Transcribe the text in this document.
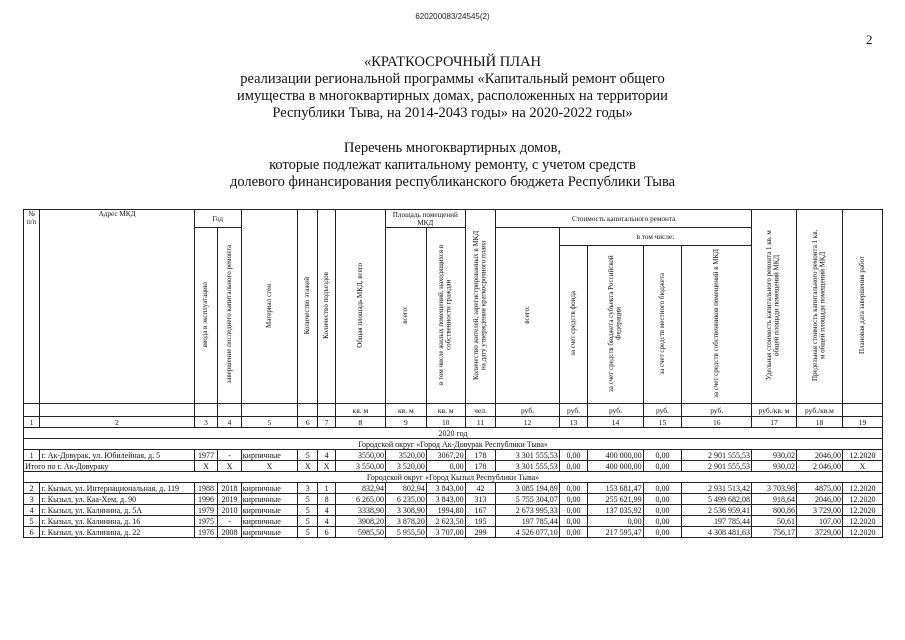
620200083/24545(2)
2
«КРАТКОСРОЧНЫЙ ПЛАН
реализации региональной программы «Капитальный ремонт общего
имущества в многоквартирных домах, расположенных на территории
Республики Тыва, на 2014-2043 годы» на 2020-2022 годы»
Перечень многоквартирных домов,
которые подлежат капитальному ремонту, с учетом средств
долевого финансирования республиканского бюджета Республики Тыва
№ п/п	Адрес МКД	Год		Материал стен	Количество этажей	Количество подъездов	Общая площадь МКД, всего	Площадь помещений МКД		Количество жителей, зарегистрированных в МКД на дату утверждения краткосрочного плана	Стоимость капитального ремонта					Удельная стоимость капитального ремонта 1 кв. м общей площади помещений МКД	Предельная стоимость капитального ремонта 1 кв. м общей площади помещений МКД	Плановая дата завершения работ
		ввода в эксплуатацию	завершение последнего капитального ремонта					всего:	в том числе жилых помещений, находящихся в собственности граждан		всего:	в том числе:						
												за счет средств фонда	за счет средств бюджета субъекта Российской Федерации	за счет средств местного бюджета	за счет средств собственников помещений в МКД			
							кв. м	кв. м	кв. м	чел.	руб.	руб.	руб.	руб.	руб.	руб./кв. м	руб./кв.м	
1	2	3	4	5	6	7	8	9	10	11	12	13	14	15	16	17	18	19
2020 год																		
Городской округ «Город Ак-Довурак Республики Тыва»																		
1	г. Ак-Довурак, ул. Юбилейная, д. 5	1977	-	кирпичные	5	4	3550,00	3520,00	3067,20	178	3 301 555,53	0,00	400 000,00	0,00	2 901 555,53	930,02	2046,00	12.2020
Итого по г. Ак-Довураку		X	X	X	X	X	3 550,00	3 520,00	0,00	178	3 301 555,53	0,00	400 000,00	0,00	2 901 555,53	930,02	2 046,00	X
Городской округ «Город Кызыл Республики Тыва»																		
2	г. Кызыл, ул. Интернациональная, д. 119	1988	2018	кирпичные	3	1	832,94	802,94	3 843,00	42	3 085 194,89	0,00	153 681,47	0,00	2 931 513,42	3 703,98	4875,00	12.2020
3	г. Кызыл, ул. Каа-Хем, д. 90	1996	2019	кирпичные	5	8	6 265,00	6 235,00	3 843,00	313	5 755 304,07	0,00	255 621,99	0,00	5 499 682,08	918,64	2046,00	12.2020
4	г. Кызыл, ул. Калинина, д. 5А	1979	2010	кирпичные	5	4	3338,90	3 308,90	1994,80	167	2 673 995,33	0,00	137 035,92	0,00	2 536 959,41	800,86	3 729,00	12.2020
5	г. Кызыл, ул. Калинина, д. 16	1975	-	кирпичные	5	4	3908,20	3 878,20	2 623,50	195	197 785,44	0,00	0,00	0,00	197 785,44	50,61	107,00	12.2020
6	г. Кызыл, ул. Калинина, д. 22	1976	2008	кирпичные	5	6	5985,50	5 955,50	3 707,00	299	4 526 077,10	0,00	217 595,47	0,00	4 308 481,63	756,17	3729,00	12.2020
